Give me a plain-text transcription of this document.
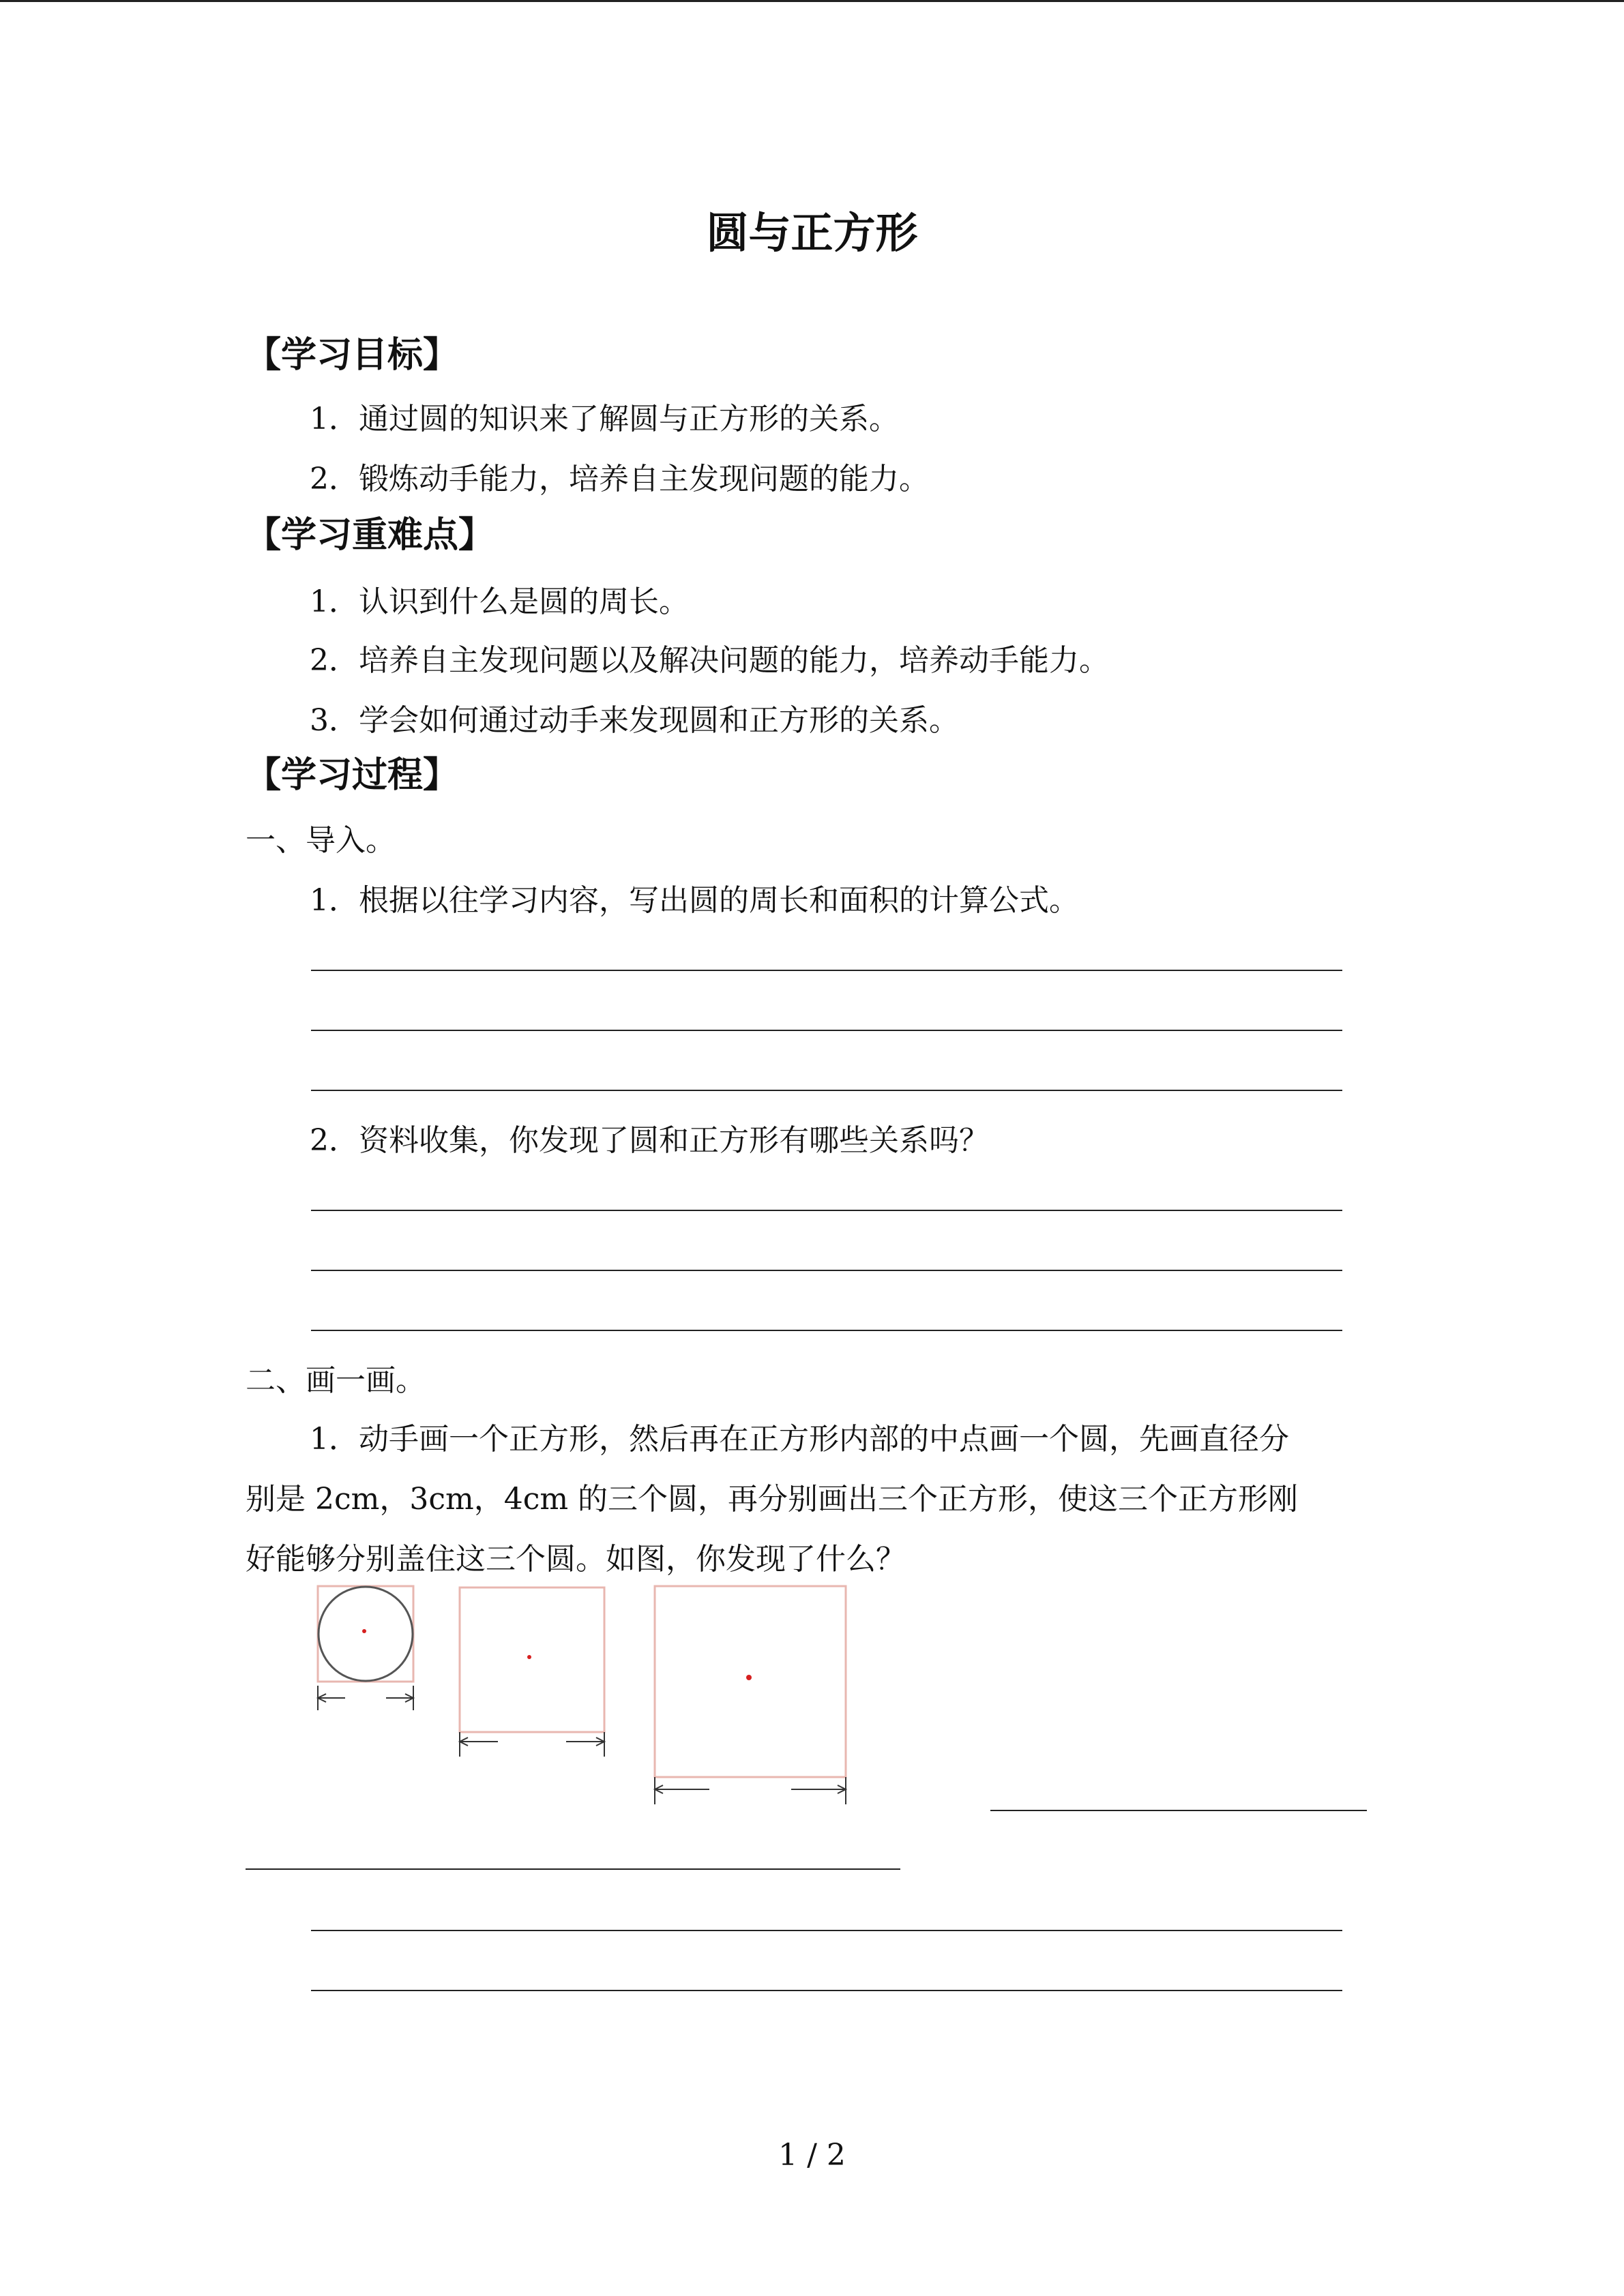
圆与正方形
【学习目标】
1．通过圆的知识来了解圆与正方形的关系。
2．锻炼动手能力，培养自主发现问题的能力。
【学习重难点】
1．认识到什么是圆的周长。
2．培养自主发现问题以及解决问题的能力，培养动手能力。
3．学会如何通过动手来发现圆和正方形的关系。
【学习过程】
一、导入。
1．根据以往学习内容，写出圆的周长和面积的计算公式。
2．资料收集，你发现了圆和正方形有哪些关系吗？
二、画一画。
1．动手画一个正方形，然后再在正方形内部的中点画一个圆，先画直径分
别是 2cm，3cm，4cm 的三个圆，再分别画出三个正方形，使这三个正方形刚
好能够分别盖住这三个圆。如图，你发现了什么？
1 / 2
